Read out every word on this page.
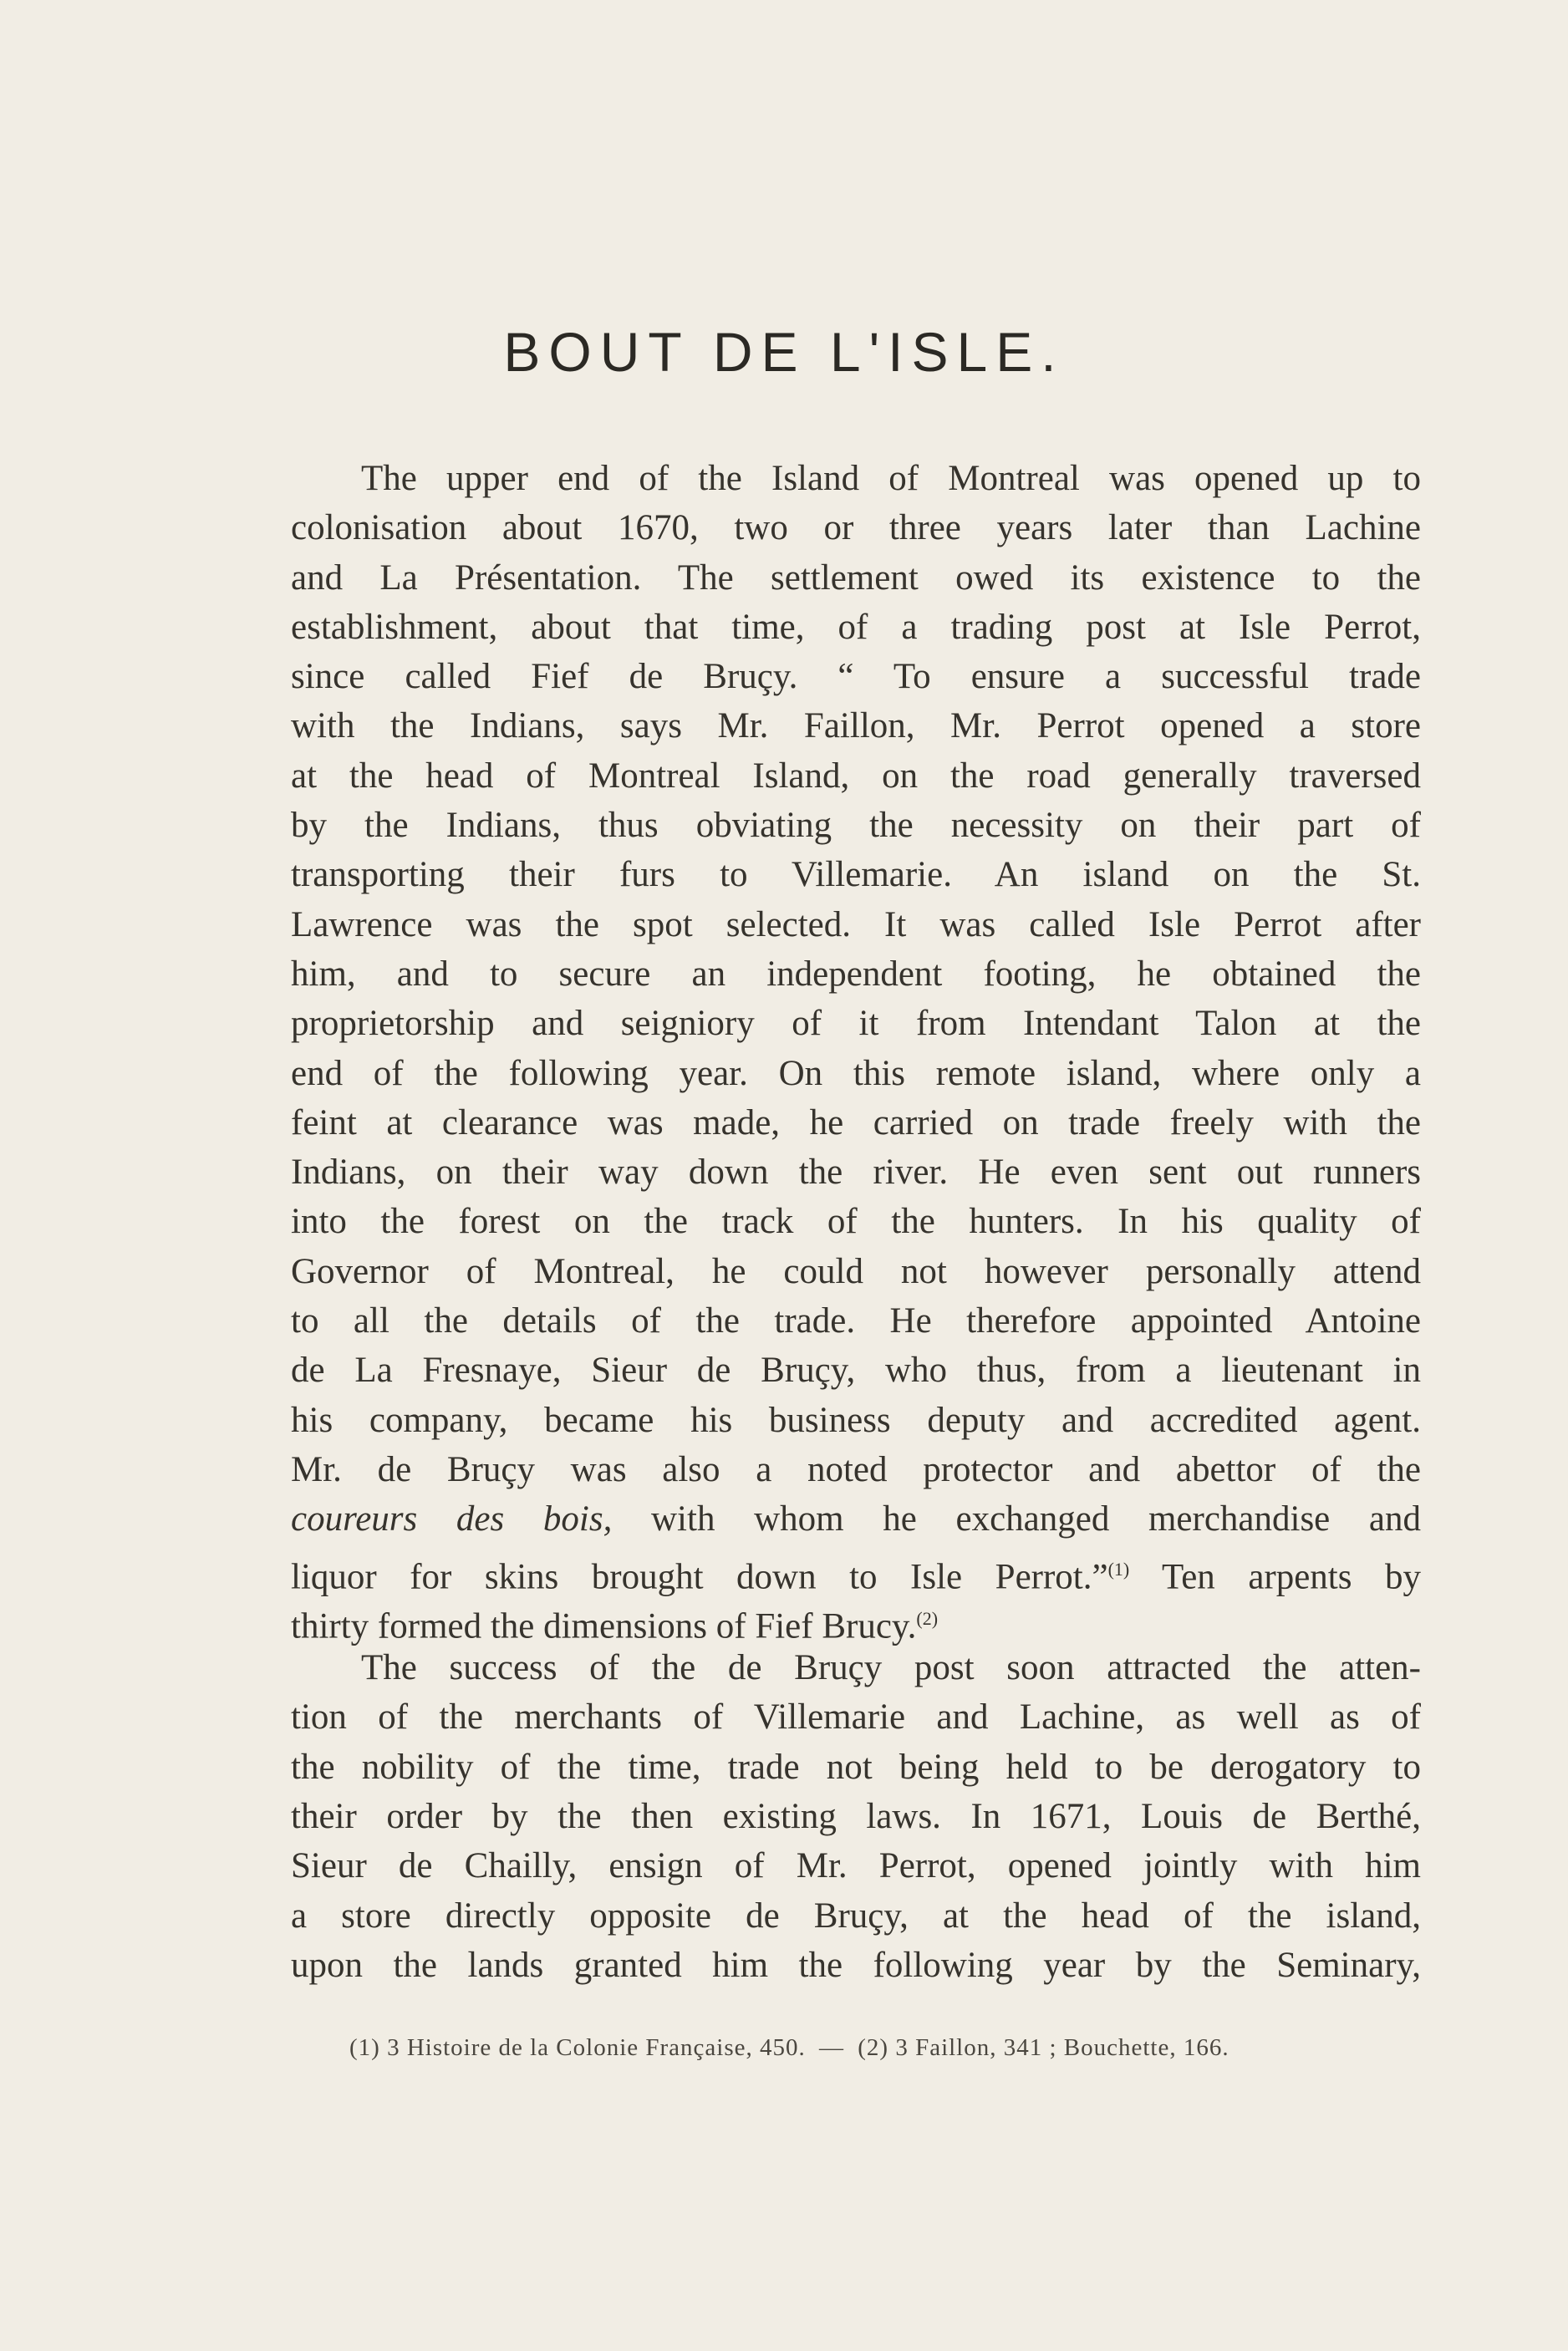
BOUT DE L'ISLE.
The upper end of the Island of Montreal was opened up to
colonisation about 1670, two or three years later than Lachine
and La Présentation. The settlement owed its existence to the
establishment, about that time, of a trading post at Isle Perrot,
since called Fief de Bruçy. “ To ensure a successful trade
with the Indians, says Mr. Faillon, Mr. Perrot opened a store
at the head of Montreal Island, on the road generally traversed
by the Indians, thus obviating the necessity on their part of
transporting their furs to Villemarie. An island on the St.
Lawrence was the spot selected. It was called Isle Perrot after
him, and to secure an independent footing, he obtained the
proprietorship and seigniory of it from Intendant Talon at the
end of the following year. On this remote island, where only a
feint at clearance was made, he carried on trade freely with the
Indians, on their way down the river. He even sent out runners
into the forest on the track of the hunters. In his quality of
Governor of Montreal, he could not however personally attend
to all the details of the trade. He therefore appointed Antoine
de La Fresnaye, Sieur de Bruçy, who thus, from a lieutenant in
his company, became his business deputy and accredited agent.
Mr. de Bruçy was also a noted protector and abettor of the
coureurs des bois, with whom he exchanged merchandise and
liquor for skins brought down to Isle Perrot.”$^{(1)}$ Ten arpents by
thirty formed the dimensions of Fief Brucy.$^{(2)}$
The success of the de Bruçy post soon attracted the atten-
tion of the merchants of Villemarie and Lachine, as well as of
the nobility of the time, trade not being held to be derogatory to
their order by the then existing laws. In 1671, Louis de Berthé,
Sieur de Chailly, ensign of Mr. Perrot, opened jointly with him
a store directly opposite de Bruçy, at the head of the island,
upon the lands granted him the following year by the Seminary,
(1) 3 Histoire de la Colonie Française, 450. — (2) 3 Faillon, 341 ; Bouchette, 166.
